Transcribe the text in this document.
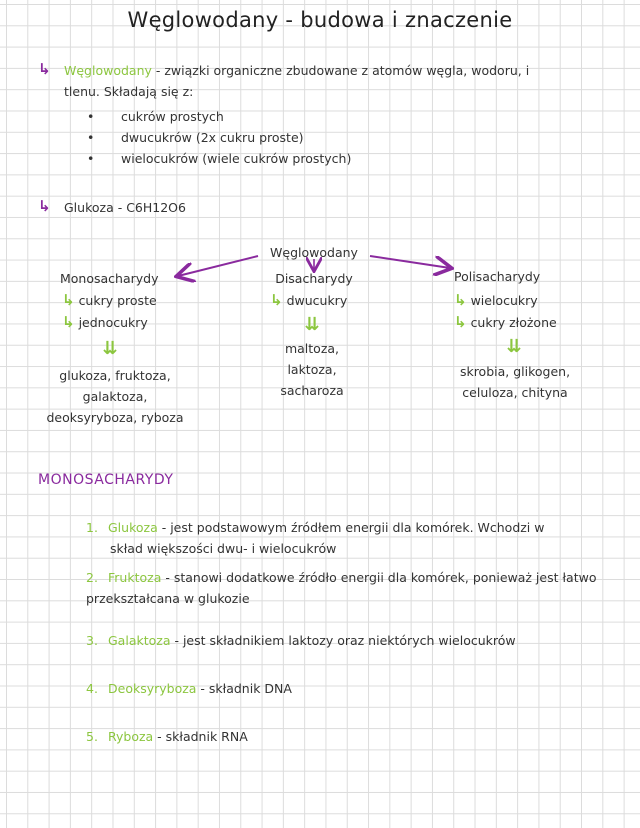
Węglowodany - budowa i znaczenie
↳ Węglowodany - związki organiczne zbudowane z atomów węgla, wodoru, i
tlenu. Składają się z:
• cukrów prostych
• dwucukrów (2x cukru proste)
• wielocukrów (wiele cukrów prostych)
↳ Glukoza - C6H12O6
Węglowodany
Monosacharydy
↳ cukry proste
↳ jednocukry
⇊
glukoza, fruktoza,
galaktoza,
deoksyryboza, ryboza
Disacharydy
↳ dwucukry
⇊
maltoza,
laktoza,
sacharoza
Polisacharydy
↳ wielocukry
↳ cukry złożone
⇊
skrobia, glikogen,
celuloza, chityna
MONOSACHARYDY
1. Glukoza - jest podstawowym źródłem energii dla komórek. Wchodzi w
skład większości dwu- i wielocukrów
2. Fruktoza - stanowi dodatkowe źródło energii dla komórek, ponieważ jest łatwo
przekształcana w glukozie
3. Galaktoza - jest składnikiem laktozy oraz niektórych wielocukrów
4. Deoksyryboza - składnik DNA
5. Ryboza - składnik RNA
